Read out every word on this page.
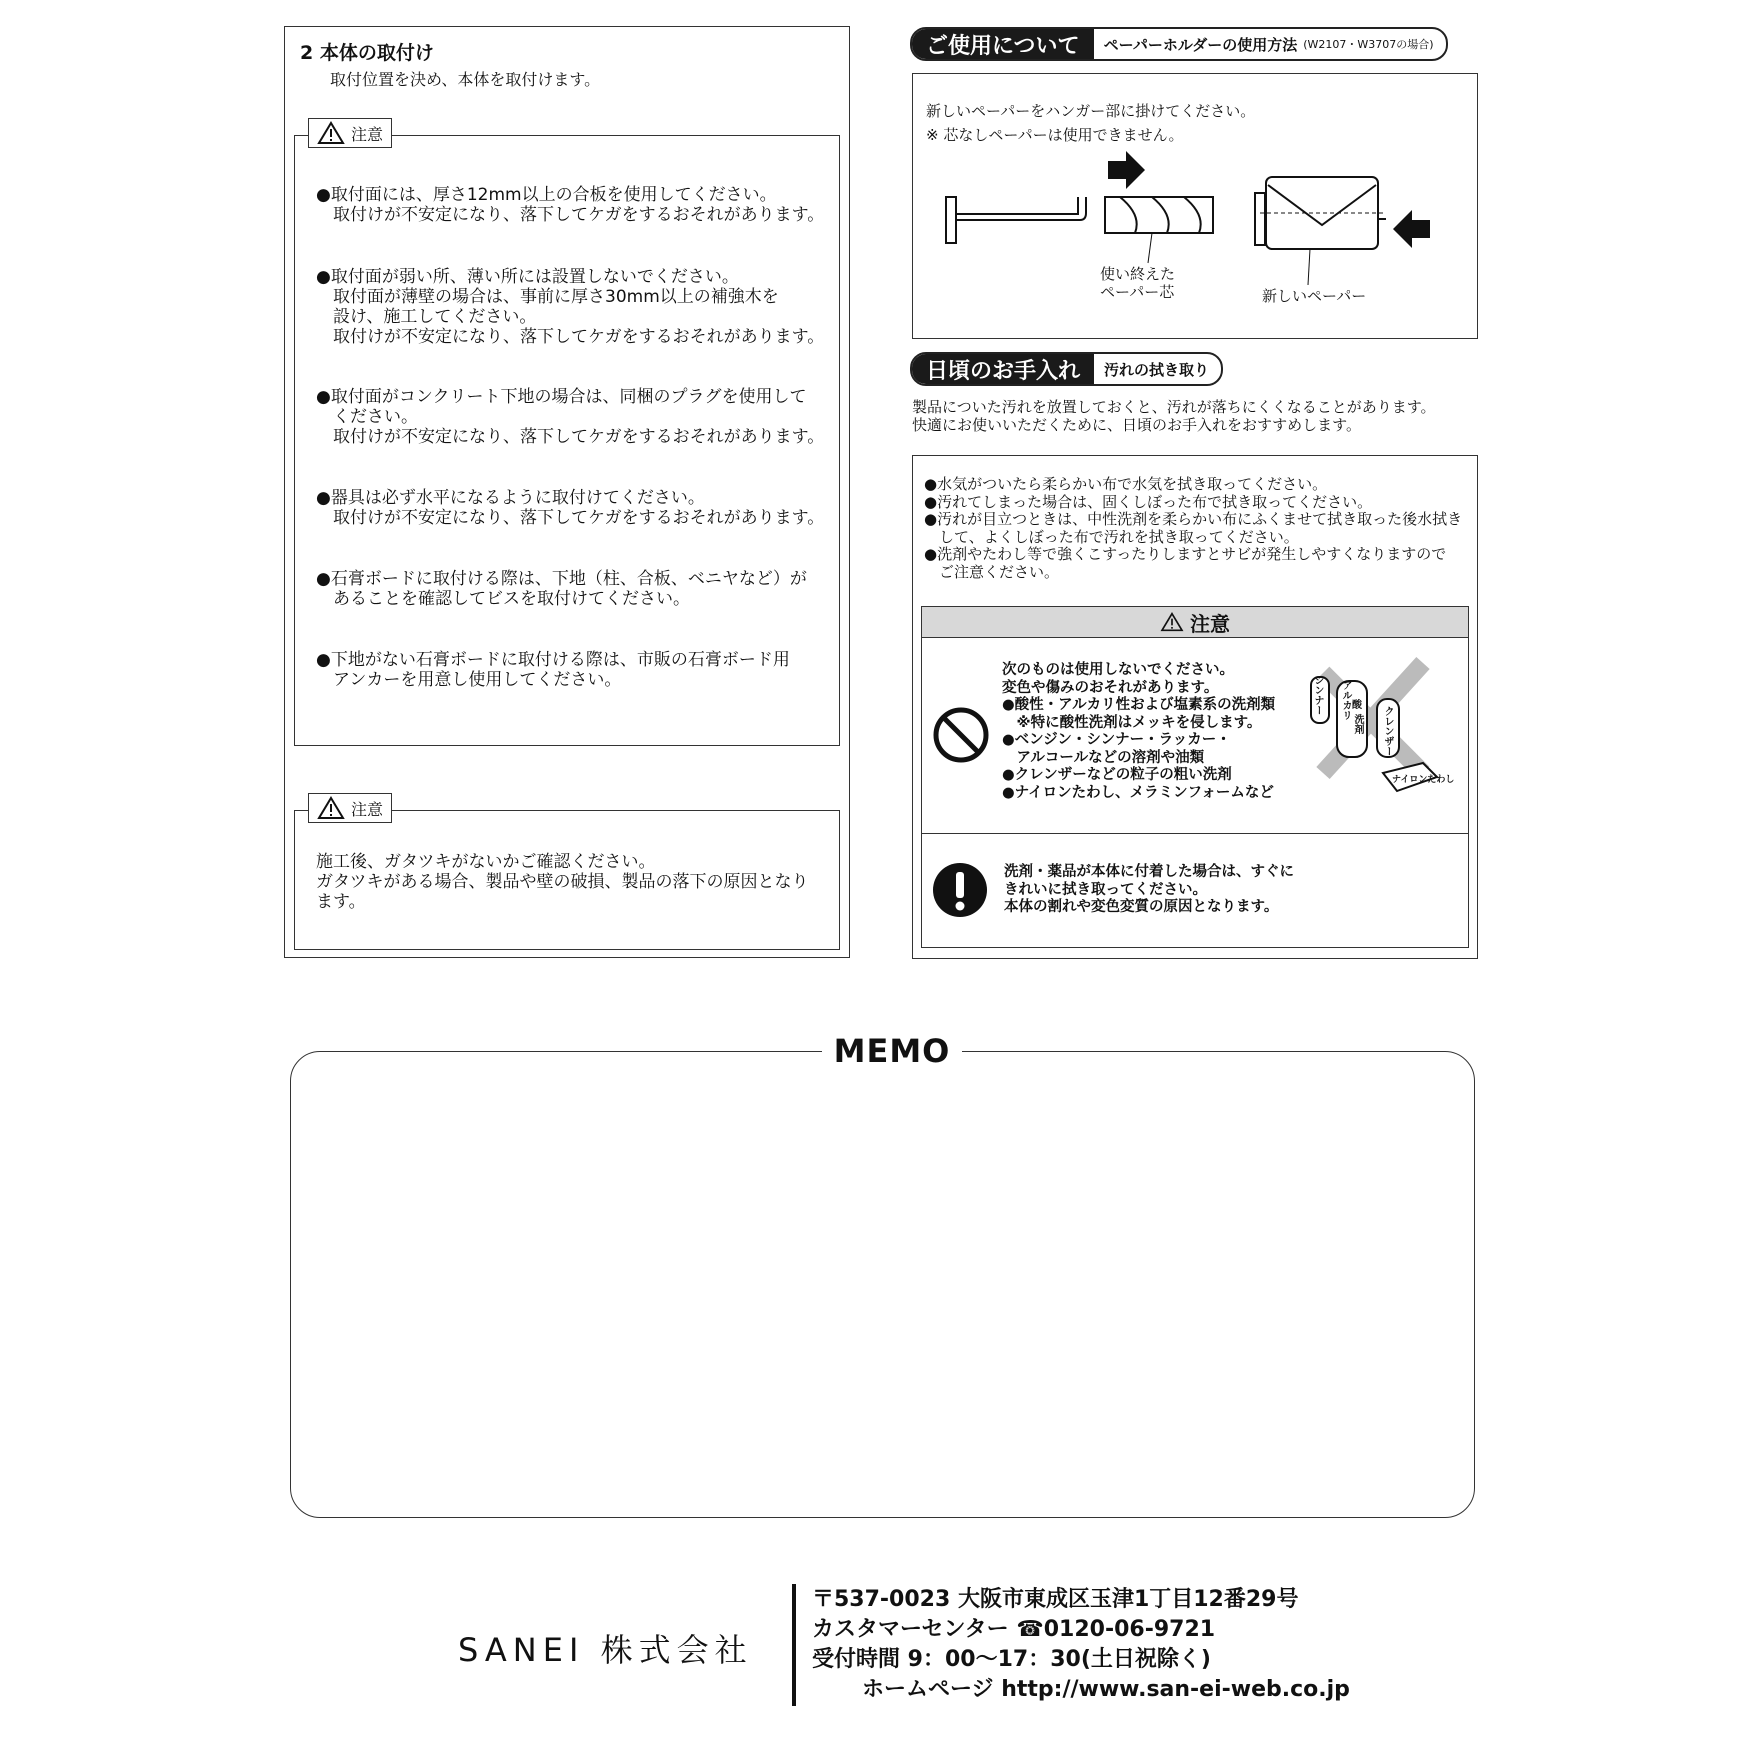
2 本体の取付け
取付位置を決め、本体を取付けます。
注意
●取付面には、厚さ12mm以上の合板を使用してください。
　取付けが不安定になり、落下してケガをするおそれがあります。
●取付面が弱い所、薄い所には設置しないでください。
　取付面が薄壁の場合は、事前に厚さ30mm以上の補強木を
　設け、施工してください。
　取付けが不安定になり、落下してケガをするおそれがあります。
●取付面がコンクリート下地の場合は、同梱のプラグを使用して
　ください。
　取付けが不安定になり、落下してケガをするおそれがあります。
●器具は必ず水平になるように取付けてください。
　取付けが不安定になり、落下してケガをするおそれがあります。
●石膏ボードに取付ける際は、下地（柱、合板、ベニヤなど）が
　あることを確認してビスを取付けてください。
●下地がない石膏ボードに取付ける際は、市販の石膏ボード用
　アンカーを用意し使用してください。
注意
施工後、ガタツキがないかご確認ください。
ガタツキがある場合、製品や壁の破損、製品の落下の原因となり
ます。
ご使用について	ペーパーホルダーの使用方法 (W2107・W3707の場合)
新しいペーパーをハンガー部に掛けてください。
※ 芯なしペーパーは使用できません。
使い終えた
ペーパー芯	新しいペーパー
日頃のお手入れ	汚れの拭き取り
製品についた汚れを放置しておくと、汚れが落ちにくくなることがあります。
快適にお使いいただくために、日頃のお手入れをおすすめします。
●水気がついたら柔らかい布で水気を拭き取ってください。
●汚れてしまった場合は、固くしぼった布で拭き取ってください。
●汚れが目立つときは、中性洗剤を柔らかい布にふくませて拭き取った後水拭き
　して、よくしぼった布で汚れを拭き取ってください。
●洗剤やたわし等で強くこすったりしますとサビが発生しやすくなりますので
　ご注意ください。
注意
次のものは使用しないでください。
変色や傷みのおそれがあります。
●酸性・アルカリ性および塩素系の洗剤類
　※特に酸性洗剤はメッキを侵します。
●ベンジン・シンナー・ラッカー・
　アルコールなどの溶剤や油類
●クレンザーなどの粒子の粗い洗剤
●ナイロンたわし、メラミンフォームなど
シンナー アルカリ 酸
洗剤 クレンザー
ナイロンたわし
洗剤・薬品が本体に付着した場合は、すぐに
きれいに拭き取ってください。
本体の割れや変色変質の原因となります。
MEMO
SANEI 株式会社
〒537-0023 大阪市東成区玉津1丁目12番29号
カスタマーセンター ☎0120-06-9721
受付時間 9：00〜17：30(土日祝除く)
ホームページ http://www.san-ei-web.co.jp
